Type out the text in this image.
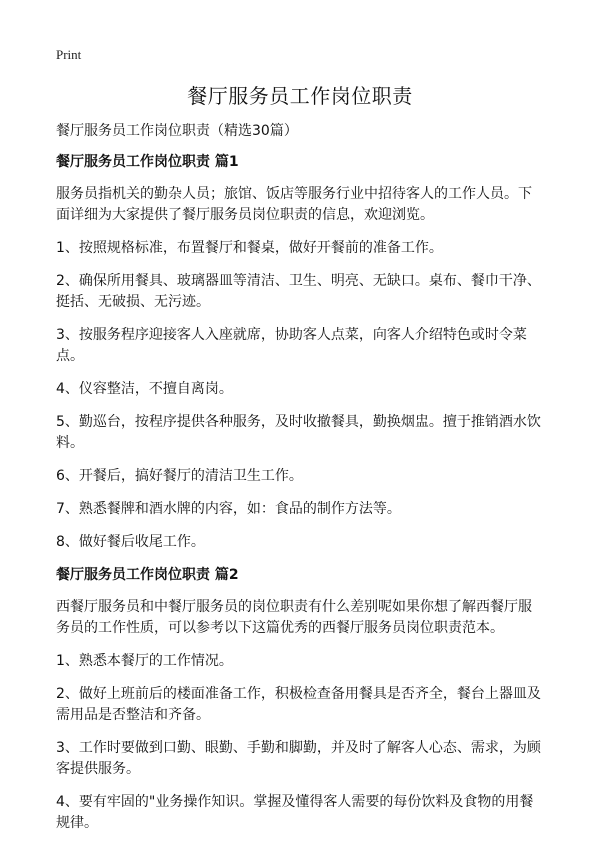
Print
餐厅服务员工作岗位职责
餐厅服务员工作岗位职责（精选30篇）
餐厅服务员工作岗位职责 篇1
服务员指机关的勤杂人员；旅馆、饭店等服务行业中招待客人的工作人员。下面详细为大家提供了餐厅服务员岗位职责的信息，欢迎浏览。
1、按照规格标准，布置餐厅和餐桌，做好开餐前的准备工作。
2、确保所用餐具、玻璃器皿等清洁、卫生、明亮、无缺口。桌布、餐巾干净、挺括、无破损、无污迹。
3、按服务程序迎接客人入座就席，协助客人点菜，向客人介绍特色或时令菜点。
4、仪容整洁，不擅自离岗。
5、勤巡台，按程序提供各种服务，及时收撤餐具，勤换烟盅。擅于推销酒水饮料。
6、开餐后，搞好餐厅的清洁卫生工作。
7、熟悉餐牌和酒水牌的内容，如：食品的制作方法等。
8、做好餐后收尾工作。
餐厅服务员工作岗位职责 篇2
西餐厅服务员和中餐厅服务员的岗位职责有什么差别呢如果你想了解西餐厅服务员的工作性质，可以参考以下这篇优秀的西餐厅服务员岗位职责范本。
1、熟悉本餐厅的工作情况。
2、做好上班前后的楼面准备工作，积极检查备用餐具是否齐全，餐台上器皿及需用品是否整洁和齐备。
3、工作时要做到口勤、眼勤、手勤和脚勤，并及时了解客人心态、需求，为顾客提供服务。
4、要有牢固的"业务操作知识。掌握及懂得客人需要的每份饮料及食物的用餐规律。
